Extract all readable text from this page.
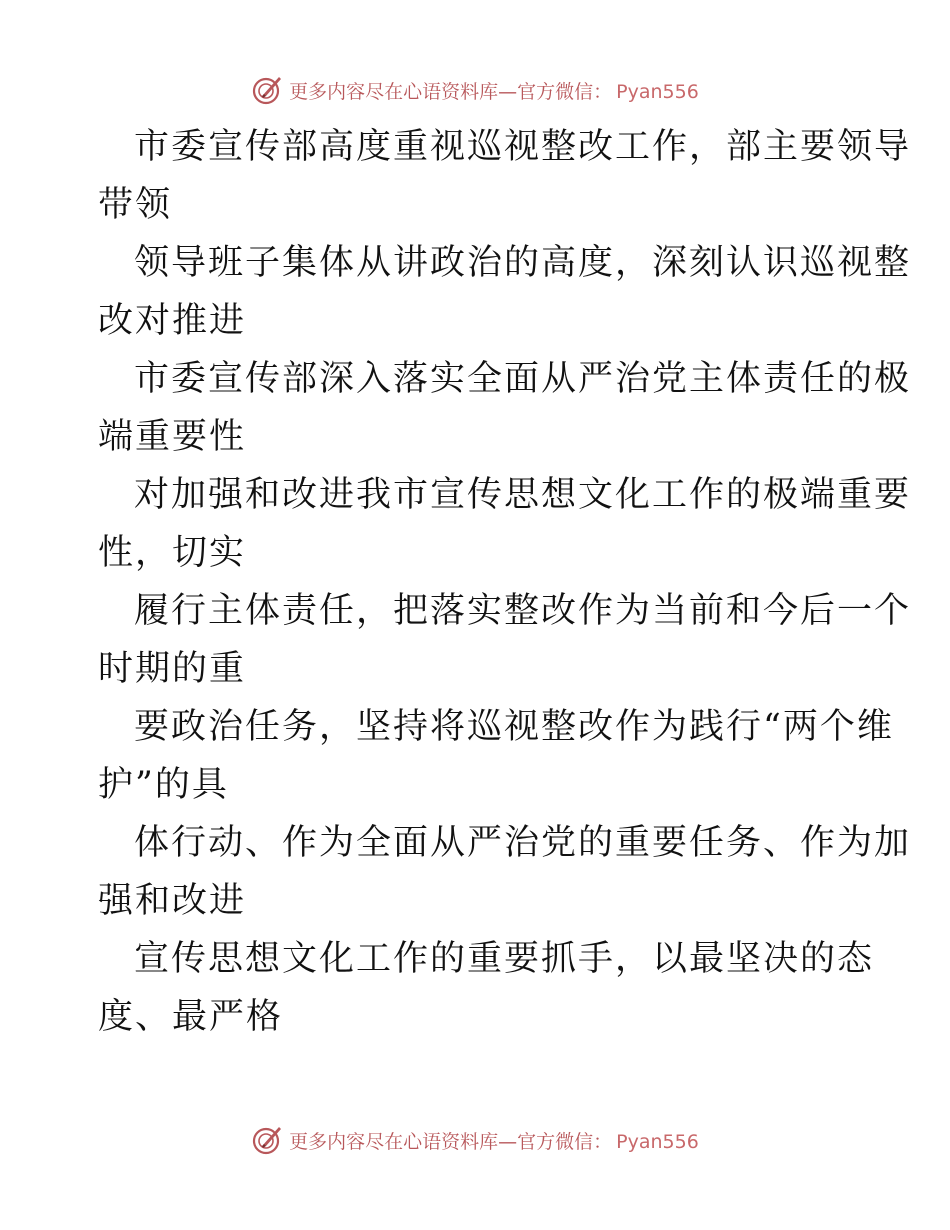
更多内容尽在心语资料库—官方微信： Pyan556
市委宣传部高度重视巡视整改工作，部主要领导
带领
领导班子集体从讲政治的高度，深刻认识巡视整
改对推进
市委宣传部深入落实全面从严治党主体责任的极
端重要性
对加强和改进我市宣传思想文化工作的极端重要
性，切实
履行主体责任，把落实整改作为当前和今后一个
时期的重
要政治任务，坚持将巡视整改作为践行“两个维
护”的具
体行动、作为全面从严治党的重要任务、作为加
强和改进
宣传思想文化工作的重要抓手，以最坚决的态
度、最严格
更多内容尽在心语资料库—官方微信： Pyan556
